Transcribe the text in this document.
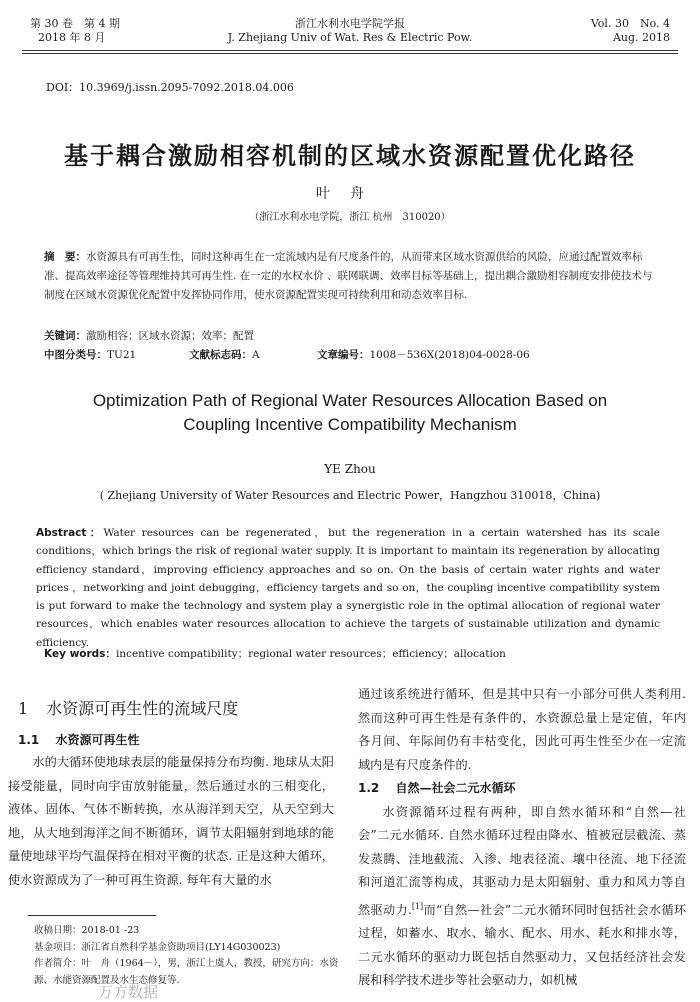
第 30 卷　第 4 期
2018 年 8 月
浙江水利水电学院学报
J. Zhejiang Univ of Wat. Res & Electric Pow.
Vol. 30　No. 4
Aug. 2018
DOI：10.3969/j.issn.2095-7092.2018.04.006
基于耦合激励相容机制的区域水资源配置优化路径
叶舟
（浙江水利水电学院，浙江 杭州　310020）
摘　要：水资源具有可再生性，同时这种再生在一定流域内是有尺度条件的，从而带来区域水资源供给的风险，应通过配置效率标准、提高效率途径等管理维持其可再生性. 在一定的水权水价 、联网联调、效率目标等基础上，提出耦合激励相容制度安排使技术与制度在区域水资源优化配置中发挥协同作用，使水资源配置实现可持续利用和动态效率目标.
关键词：激励相容；区域水资源；效率；配置
中图分类号：TU21	文献标志码：A	文章编号：1008－536X(2018)04-0028-06
Optimization Path of Regional Water Resources Allocation Based on
Coupling Incentive Compatibility Mechanism
YE Zhou
( Zhejiang University of Water Resources and Electric Power，Hangzhou 310018，China)
Abstract：Water resources can be regenerated，but the regeneration in a certain watershed has its scale conditions，which brings the risk of regional water supply. It is important to maintain its regeneration by allocating efficiency standard，improving efficiency approaches and so on. On the basis of certain water rights and water prices ，networking and joint debugging，efficiency targets and so on，the coupling incentive compatibility system is put forward to make the technology and system play a synergistic role in the optimal allocation of regional water resources，which enables water resources allocation to achieve the targets of sustainable utilization and dynamic efficiency.
Key words：incentive compatibility；regional water resources；efficiency；allocation
1 水资源可再生性的流域尺度
1.1 水资源可再生性

水的大循环使地球表层的能量保持分布均衡. 地球从太阳接受能量，同时向宇宙放射能量，然后通过水的三相变化，液体、固体、气体不断转换，水从海洋到天空，从天空到大地，从大地到海洋之间不断循环，调节太阳辐射到地球的能量使地球平均气温保持在相对平衡的状态. 正是这种大循环，使水资源成为了一种可再生资源. 每年有大量的水

通过该系统进行循环，但是其中只有一小部分可供人类利用. 然而这种可再生性是有条件的，水资源总量上是定值，年内各月间、年际间仍有丰枯变化，因此可再生性至少在一定流域内是有尺度条件的.

1.2 自然—社会二元水循环

水资源循环过程有两种，即自然水循环和“自然—社会”二元水循环. 自然水循环过程由降水、植被冠层截流、蒸发蒸腾、洼地截流、入渗、地表径流、壤中径流、地下径流和河道汇流等构成，其驱动力是太阳辐射、重力和风力等自然驱动力.[1]而“自然—社会”二元水循环同时包括社会水循环过程，如蓄水、取水、输水、配水、用水、耗水和排水等，二元水循环的驱动力既包括自然驱动力，又包括经济社会发展和科学技术进步等社会驱动力，如机械

收稿日期：2018-01 -23
基金项目：浙江省自然科学基金资助项目(LY14G030023)
作者简介：叶　舟（1964－），男，浙江上虞人，教授，研究方向：水资源、水能资源配置及水生态修复等.
万方数据
